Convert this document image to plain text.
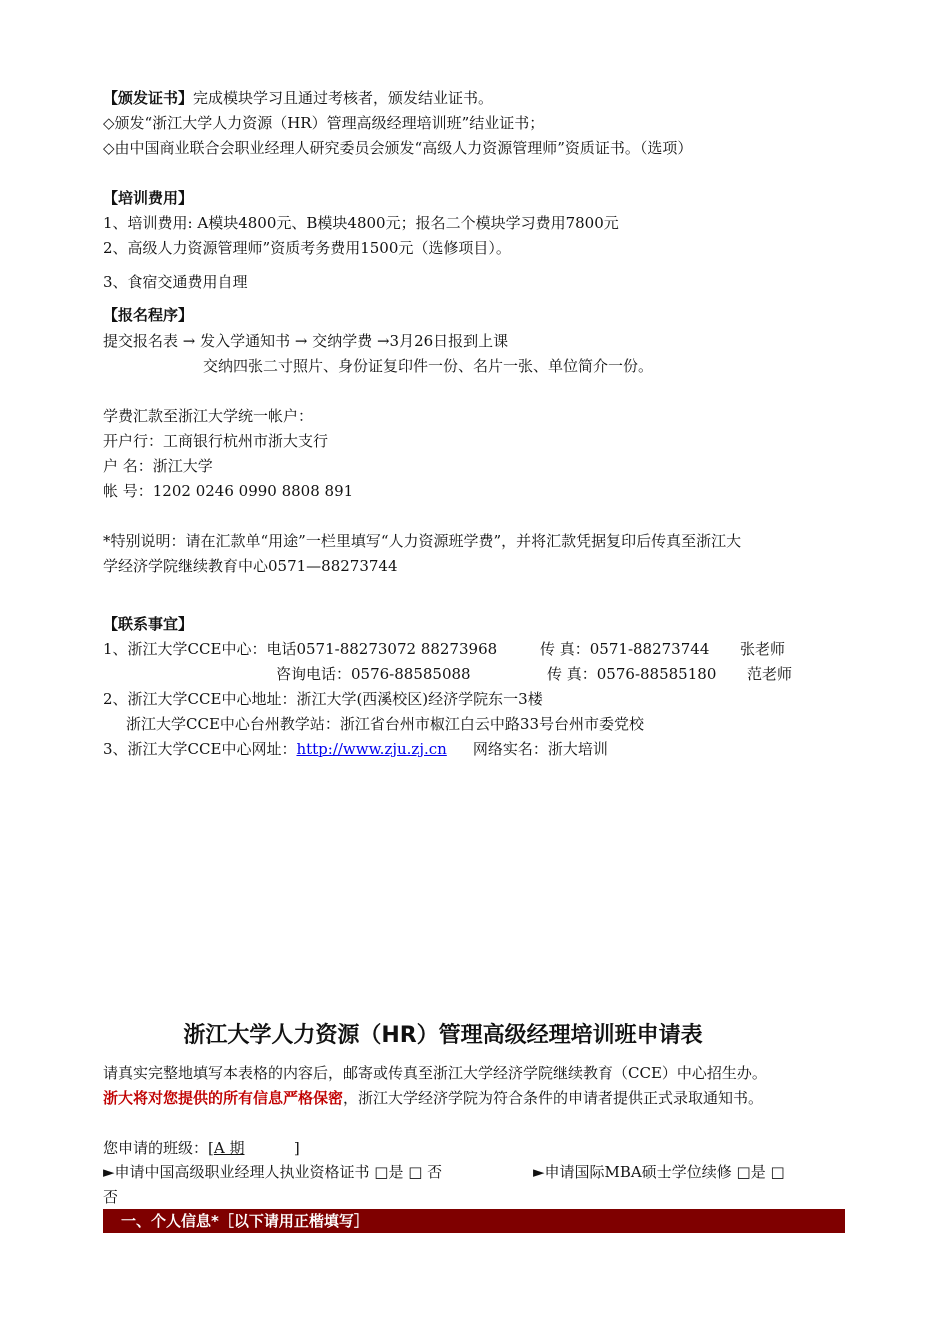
【颁发证书】完成模块学习且通过考核者，颁发结业证书。
◇颁发“浙江大学人力资源（HR）管理高级经理培训班”结业证书；
◇由中国商业联合会职业经理人研究委员会颁发“高级人力资源管理师”资质证书。（选项）
【培训费用】
1、培训费用: A模块4800元、B模块4800元；报名二个模块学习费用7800元
2、高级人力资源管理师”资质考务费用1500元（选修项目）。
3、食宿交通费用自理
【报名程序】
提交报名表 → 发入学通知书 → 交纳学费 →3月26日报到上课
交纳四张二寸照片、身份证复印件一份、名片一张、单位简介一份。
学费汇款至浙江大学统一帐户：
开户行：工商银行杭州市浙大支行
户 名：浙江大学
帐 号：1202 0246 0990 8808 891
*特别说明：请在汇款单“用途”一栏里填写“人力资源班学费”，并将汇款凭据复印后传真至浙江大
学经济学院继续教育中心0571—88273744
【联系事宜】
1、浙江大学CCE中心：电话0571-88273072 88273968	传 真：0571-88273744 张老师
咨询电话：0576-88585088	传 真：0576-88585180 范老师
2、浙江大学CCE中心地址：浙江大学(西溪校区)经济学院东一3楼
浙江大学CCE中心台州教学站：浙江省台州市椒江白云中路33号台州市委党校
3、浙江大学CCE中心网址：http://www.zju.zj.cn 网络实名：浙大培训
浙江大学人力资源（HR）管理高级经理培训班申请表
请真实完整地填写本表格的内容后，邮寄或传真至浙江大学经济学院继续教育（CCE）中心招生办。
浙大将对您提供的所有信息严格保密，浙江大学经济学院为符合条件的申请者提供正式录取通知书。
您申请的班级：[A 期	]
►申请中国高级职业经理人执业资格证书 □是 □ 否	►申请国际MBA硕士学位续修 □是 □
否
一、个人信息*［以下请用正楷填写］
